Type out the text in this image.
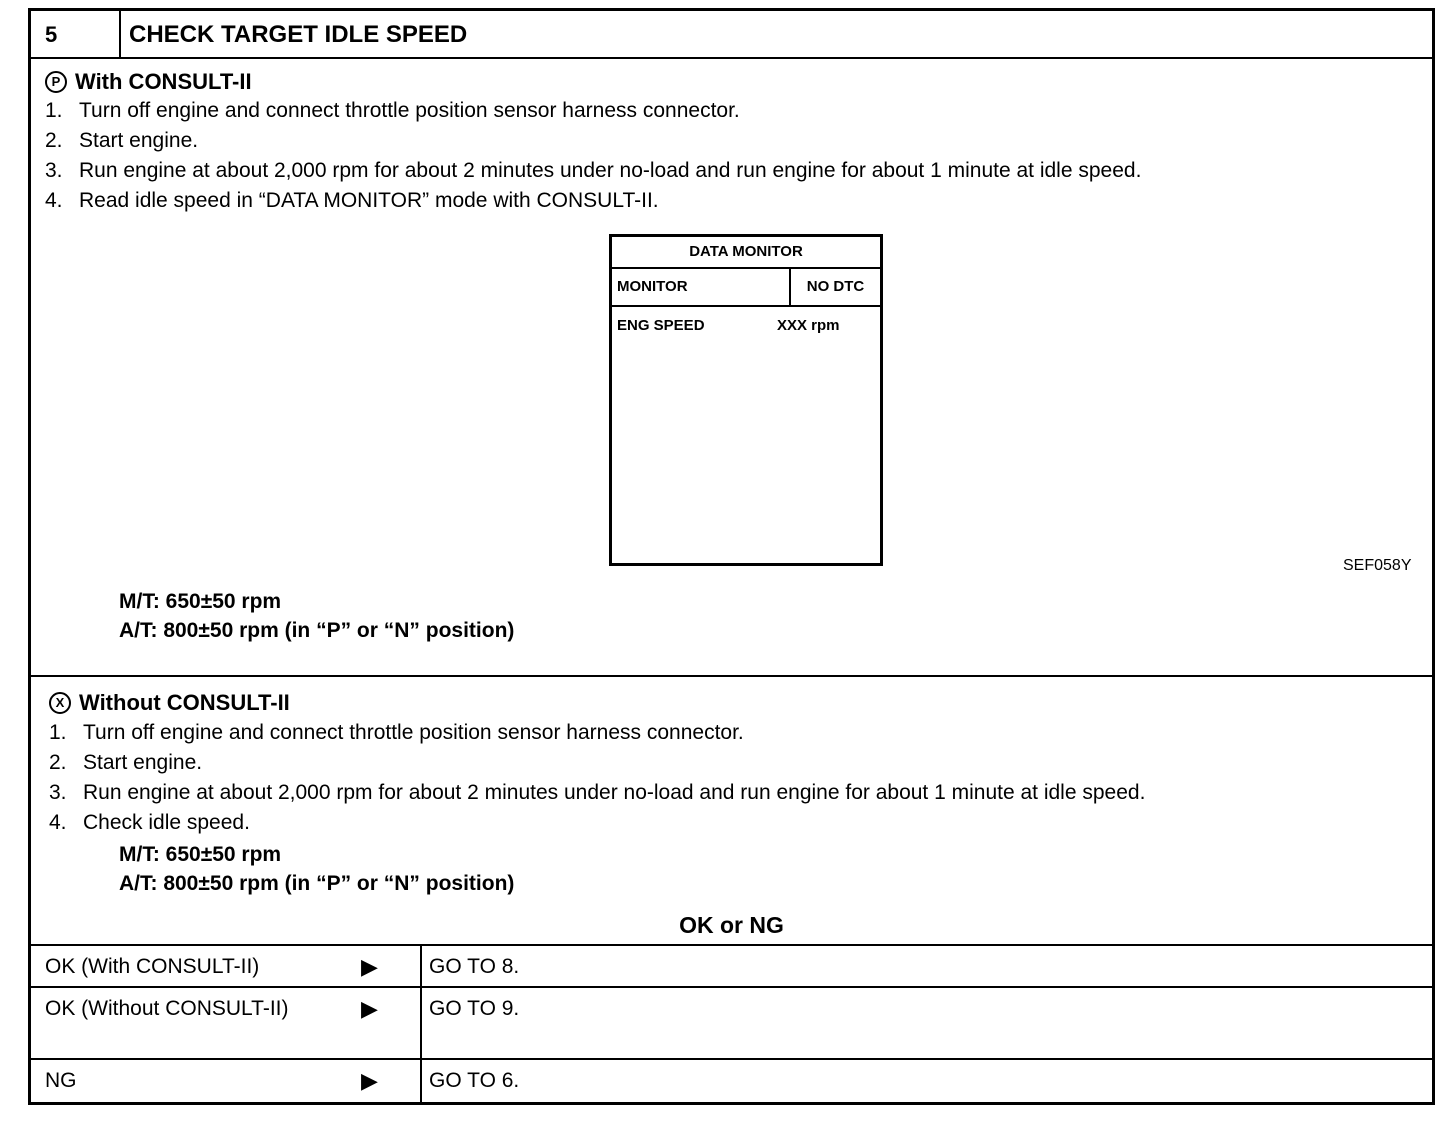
5	CHECK TARGET IDLE SPEED
P With CONSULT-II
1. Turn off engine and connect throttle position sensor harness connector.
2. Start engine.
3. Run engine at about 2,000 rpm for about 2 minutes under no-load and run engine for about 1 minute at idle speed.
4. Read idle speed in “DATA MONITOR” mode with CONSULT-II.
DATA MONITOR
MONITOR	NO DTC
ENG SPEED	XXX rpm
SEF058Y
M/T: 650±50 rpm
A/T: 800±50 rpm (in “P” or “N” position)
X Without CONSULT-II
1. Turn off engine and connect throttle position sensor harness connector.
2. Start engine.
3. Run engine at about 2,000 rpm for about 2 minutes under no-load and run engine for about 1 minute at idle speed.
4. Check idle speed.
M/T: 650±50 rpm
A/T: 800±50 rpm (in “P” or “N” position)
OK or NG
OK (With CONSULT-II)	▶ GO TO 8.
OK (Without CONSULT-II)	▶ GO TO 9.
NG	▶ GO TO 6.
